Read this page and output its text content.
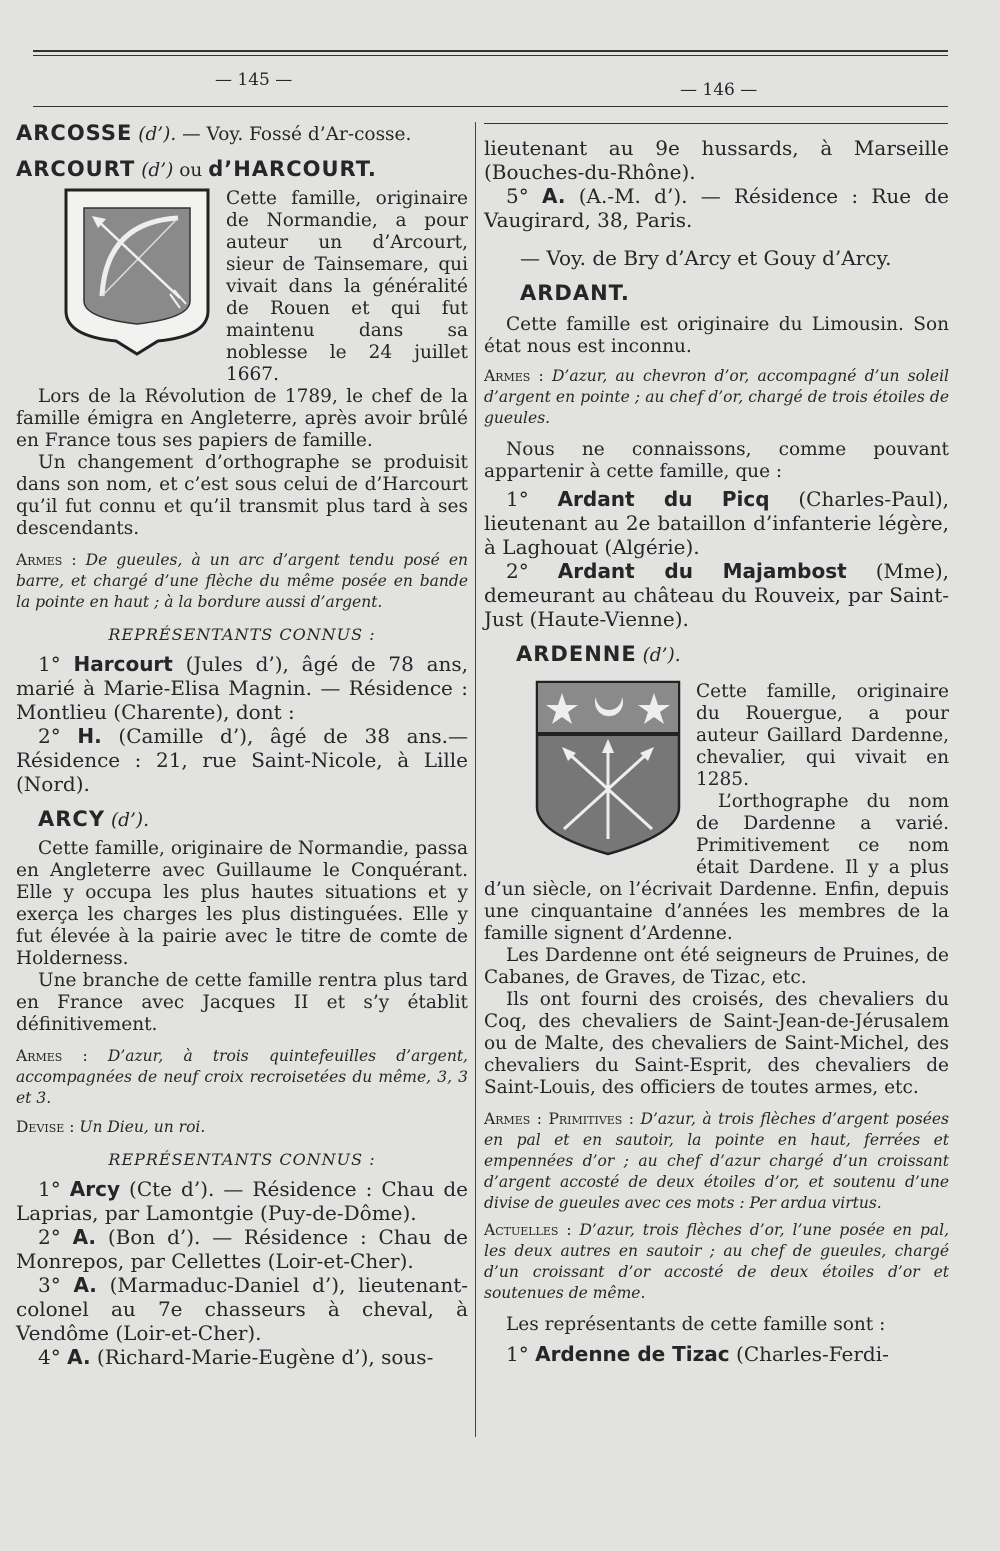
— 145 —	— 146 —

ARCOSSE (d’). — Voy. Fossé d’Ar-cosse.

ARCOURT (d’) ou d’HARCOURT.

Cette famille, originaire de Normandie, a pour auteur un d’Arcourt, sieur de Tainsemare, qui vivait dans la généralité de Rouen et qui fut maintenu dans sa noblesse le 24 juillet 1667.

Lors de la Révolution de 1789, le chef de la famille émigra en Angleterre, après avoir brûlé en France tous ses papiers de famille.

Un changement d’orthographe se produisit dans son nom, et c’est sous celui de d’Harcourt qu’il fut connu et qu’il transmit plus tard à ses descendants.

Armes : De gueules, à un arc d’argent tendu posé en barre, et chargé d’une flèche du même posée en bande la pointe en haut ; à la bordure aussi d’argent.

REPRÉSENTANTS CONNUS :

1° Harcourt (Jules d’), âgé de 78 ans, marié à Marie-Elisa Magnin. — Résidence : Montlieu (Charente), dont :

2° H. (Camille d’), âgé de 38 ans.— Résidence : 21, rue Saint-Nicole, à Lille (Nord).

ARCY (d’).

Cette famille, originaire de Normandie, passa en Angleterre avec Guillaume le Conquérant. Elle y occupa les plus hautes situations et y exerça les charges les plus distinguées. Elle y fut élevée à la pairie avec le titre de comte de Holderness.

Une branche de cette famille rentra plus tard en France avec Jacques II et s’y établit définitivement.

Armes : D’azur, à trois quintefeuilles d’argent, accompagnées de neuf croix recroisetées du même, 3, 3 et 3.

Devise : Un Dieu, un roi.

REPRÉSENTANTS CONNUS :

1° Arcy (Cte d’). — Résidence : Chau de Laprias, par Lamontgie (Puy-de-Dôme).

2° A. (Bon d’). — Résidence : Chau de Monrepos, par Cellettes (Loir-et-Cher).

3° A. (Marmaduc-Daniel d’), lieutenant-colonel au 7e chasseurs à cheval, à Vendôme (Loir-et-Cher).

4° A. (Richard-Marie-Eugène d’), sous-

lieutenant au 9e hussards, à Marseille (Bouches-du-Rhône).

5° A. (A.-M. d’). — Résidence : Rue de Vaugirard, 38, Paris.

— Voy. de Bry d’Arcy et Gouy d’Arcy.

ARDANT.

Cette famille est originaire du Limousin. Son état nous est inconnu.

Armes : D’azur, au chevron d’or, accompagné d’un soleil d’argent en pointe ; au chef d’or, chargé de trois étoiles de gueules.

Nous ne connaissons, comme pouvant appartenir à cette famille, que :

1° Ardant du Picq (Charles-Paul), lieutenant au 2e bataillon d’infanterie légère, à Laghouat (Algérie).

2° Ardant du Majambost (Mme), demeurant au château du Rouveix, par Saint-Just (Haute-Vienne).

ARDENNE (d’).

Cette famille, originaire du Rouergue, a pour auteur Gaillard Dardenne, chevalier, qui vivait en 1285.

L’orthographe du nom de Dardenne a varié. Primitivement ce nom était Dardene. Il y a plus d’un siècle, on l’écrivait Dardenne. Enfin, depuis une cinquantaine d’années les membres de la famille signent d’Ardenne.

Les Dardenne ont été seigneurs de Pruines, de Cabanes, de Graves, de Tizac, etc.

Ils ont fourni des croisés, des chevaliers du Coq, des chevaliers de Saint-Jean-de-Jérusalem ou de Malte, des chevaliers de Saint-Michel, des chevaliers du Saint-Esprit, des chevaliers de Saint-Louis, des officiers de toutes armes, etc.

Armes : Primitives : D’azur, à trois flèches d’argent posées en pal et en sautoir, la pointe en haut, ferrées et empennées d’or ; au chef d’azur chargé d’un croissant d’argent accosté de deux étoiles d’or, et soutenu d’une divise de gueules avec ces mots : Per ardua virtus.

Actuelles : D’azur, trois flèches d’or, l’une posée en pal, les deux autres en sautoir ; au chef de gueules, chargé d’un croissant d’or accosté de deux étoiles d’or et soutenues de même.

Les représentants de cette famille sont :

1° Ardenne de Tizac (Charles-Ferdi-
